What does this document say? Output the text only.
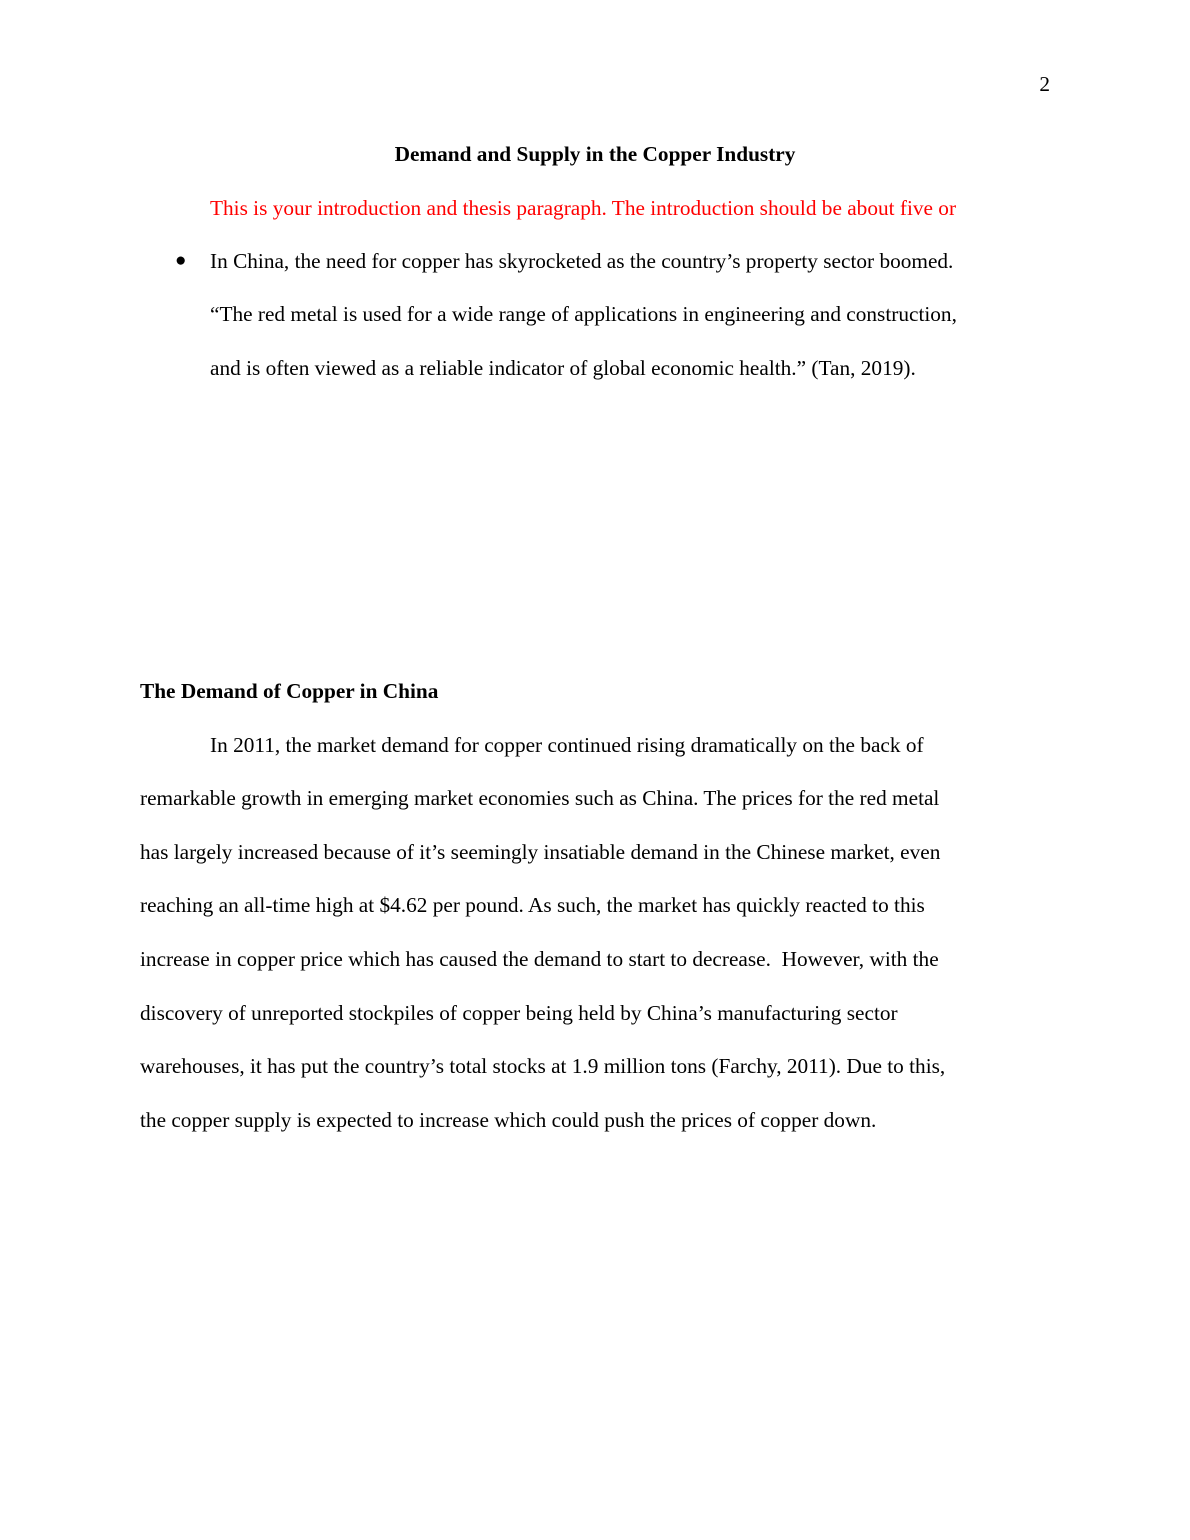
2
Demand and Supply in the Copper Industry
This is your introduction and thesis paragraph. The introduction should be about five or
● In China, the need for copper has skyrocketed as the country’s property sector boomed.
“The red metal is used for a wide range of applications in engineering and construction,
and is often viewed as a reliable indicator of global economic health.” (Tan, 2019).
The Demand of Copper in China
In 2011, the market demand for copper continued rising dramatically on the back of
remarkable growth in emerging market economies such as China. The prices for the red metal
has largely increased because of it’s seemingly insatiable demand in the Chinese market, even
reaching an all-time high at $4.62 per pound. As such, the market has quickly reacted to this
increase in copper price which has caused the demand to start to decrease.  However, with the
discovery of unreported stockpiles of copper being held by China’s manufacturing sector
warehouses, it has put the country’s total stocks at 1.9 million tons (Farchy, 2011). Due to this,
the copper supply is expected to increase which could push the prices of copper down.
